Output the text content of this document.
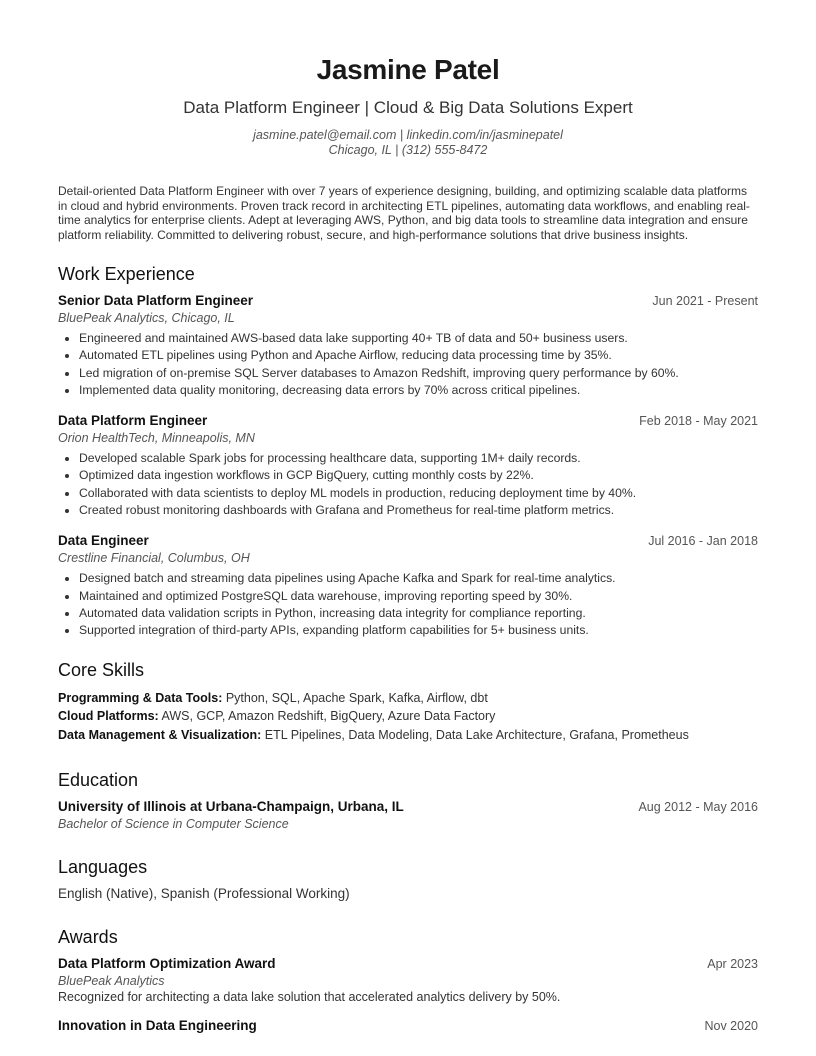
Jasmine Patel
Data Platform Engineer | Cloud & Big Data Solutions Expert
jasmine.patel@email.com | linkedin.com/in/jasminepatel
Chicago, IL | (312) 555-8472
Detail-oriented Data Platform Engineer with over 7 years of experience designing, building, and optimizing scalable data platforms in cloud and hybrid environments. Proven track record in architecting ETL pipelines, automating data workflows, and enabling real-time analytics for enterprise clients. Adept at leveraging AWS, Python, and big data tools to streamline data integration and ensure platform reliability. Committed to delivering robust, secure, and high-performance solutions that drive business insights.
Work Experience
Senior Data Platform Engineer	Jun 2021 - Present
BluePeak Analytics, Chicago, IL
• Engineered and maintained AWS-based data lake supporting 40+ TB of data and 50+ business users.
• Automated ETL pipelines using Python and Apache Airflow, reducing data processing time by 35%.
• Led migration of on-premise SQL Server databases to Amazon Redshift, improving query performance by 60%.
• Implemented data quality monitoring, decreasing data errors by 70% across critical pipelines.
Data Platform Engineer	Feb 2018 - May 2021
Orion HealthTech, Minneapolis, MN
• Developed scalable Spark jobs for processing healthcare data, supporting 1M+ daily records.
• Optimized data ingestion workflows in GCP BigQuery, cutting monthly costs by 22%.
• Collaborated with data scientists to deploy ML models in production, reducing deployment time by 40%.
• Created robust monitoring dashboards with Grafana and Prometheus for real-time platform metrics.
Data Engineer	Jul 2016 - Jan 2018
Crestline Financial, Columbus, OH
• Designed batch and streaming data pipelines using Apache Kafka and Spark for real-time analytics.
• Maintained and optimized PostgreSQL data warehouse, improving reporting speed by 30%.
• Automated data validation scripts in Python, increasing data integrity for compliance reporting.
• Supported integration of third-party APIs, expanding platform capabilities for 5+ business units.
Core Skills
Programming & Data Tools: Python, SQL, Apache Spark, Kafka, Airflow, dbt
Cloud Platforms: AWS, GCP, Amazon Redshift, BigQuery, Azure Data Factory
Data Management & Visualization: ETL Pipelines, Data Modeling, Data Lake Architecture, Grafana, Prometheus
Education
University of Illinois at Urbana-Champaign, Urbana, IL	Aug 2012 - May 2016
Bachelor of Science in Computer Science
Languages
English (Native), Spanish (Professional Working)
Awards
Data Platform Optimization Award	Apr 2023
BluePeak Analytics
Recognized for architecting a data lake solution that accelerated analytics delivery by 50%.
Innovation in Data Engineering	Nov 2020
